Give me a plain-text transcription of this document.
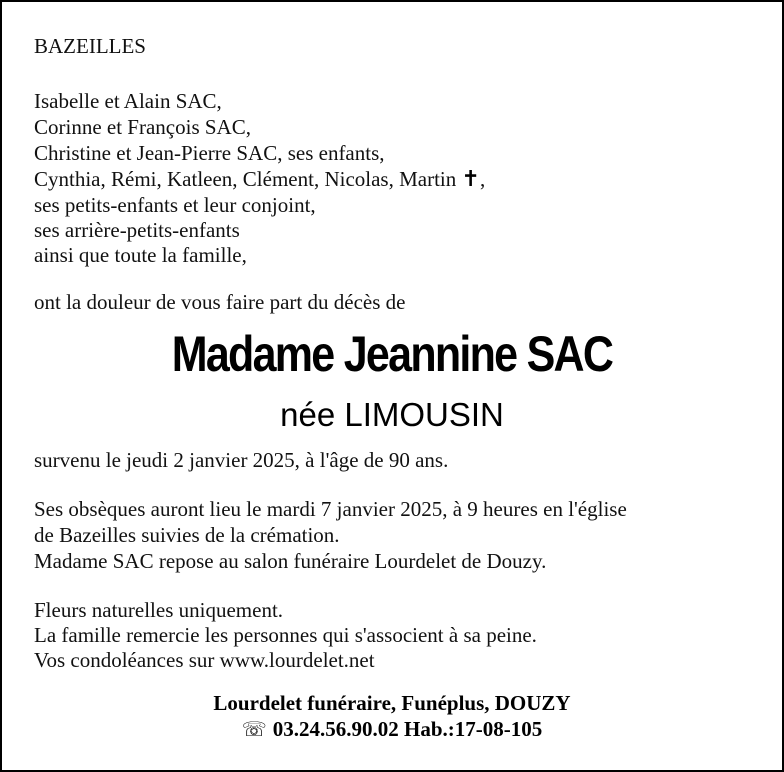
BAZEILLES
Isabelle et Alain SAC,
Corinne et François SAC,
Christine et Jean-Pierre SAC, ses enfants,
Cynthia, Rémi, Katleen, Clément, Nicolas, Martin ✝,
ses petits-enfants et leur conjoint,
ses arrière-petits-enfants
ainsi que toute la famille,
ont la douleur de vous faire part du décès de
Madame Jeannine SAC
née LIMOUSIN
survenu le jeudi 2 janvier 2025, à l'âge de 90 ans.
Ses obsèques auront lieu le mardi 7 janvier 2025, à 9 heures en l'église
de Bazeilles suivies de la crémation.
Madame SAC repose au salon funéraire Lourdelet de Douzy.
Fleurs naturelles uniquement.
La famille remercie les personnes qui s'associent à sa peine.
Vos condoléances sur www.lourdelet.net
Lourdelet funéraire, Funéplus, DOUZY
☏ 03.24.56.90.02 Hab.:17-08-105
